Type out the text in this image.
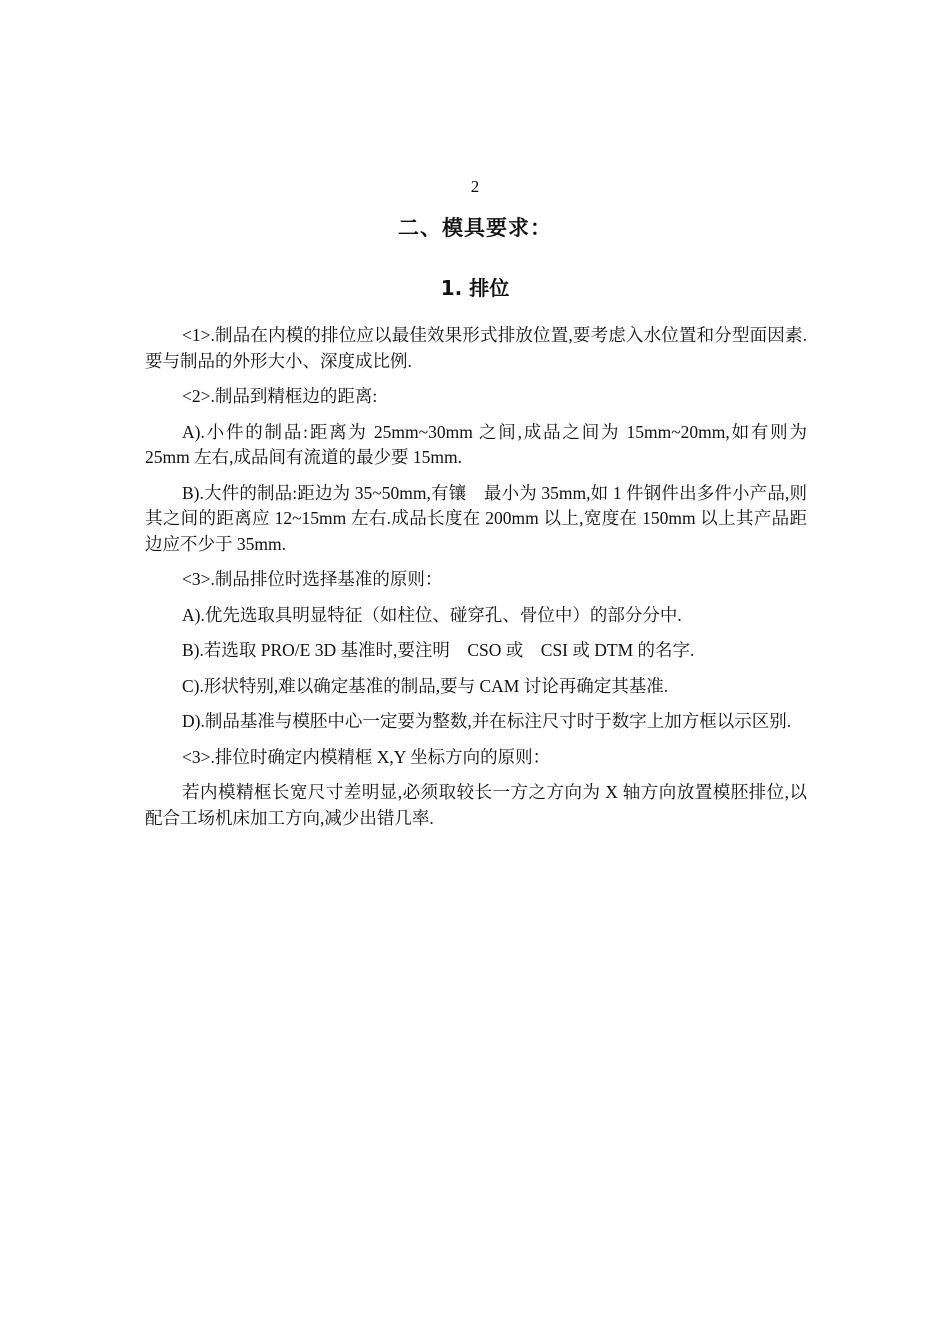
2
二、模具要求：
1. 排位

<1>.制品在内模的排位应以最佳效果形式排放位置,要考虑入水位置和分型面因素. 要与制品的外形大小、深度成比例.

<2>.制品到精框边的距离:

A).小件的制品:距离为 25mm~30mm 之间,成品之间为 15mm~20mm,如有则为 25mm 左右,成品间有流道的最少要 15mm.

B).大件的制品:距边为 35~50mm,有镶　最小为 35mm,如 1 件钢件出多件小产品,则其之间的距离应 12~15mm 左右.成品长度在 200mm 以上,宽度在 150mm 以上其产品距边应不少于 35mm.

<3>.制品排位时选择基准的原则：

A).优先选取具明显特征（如柱位、碰穿孔、骨位中）的部分分中.

B).若选取 PRO/E 3D 基准时,要注明　CSO 或　CSI 或 DTM 的名字.

C).形状特别,难以确定基准的制品,要与 CAM 讨论再确定其基准.

D).制品基准与模胚中心一定要为整数,并在标注尺寸时于数字上加方框以示区别.

<3>.排位时确定内模精框 X,Y 坐标方向的原则：

若内模精框长宽尺寸差明显,必须取较长一方之方向为 X 轴方向放置模胚排位,以配合工场机床加工方向,减少出错几率.
